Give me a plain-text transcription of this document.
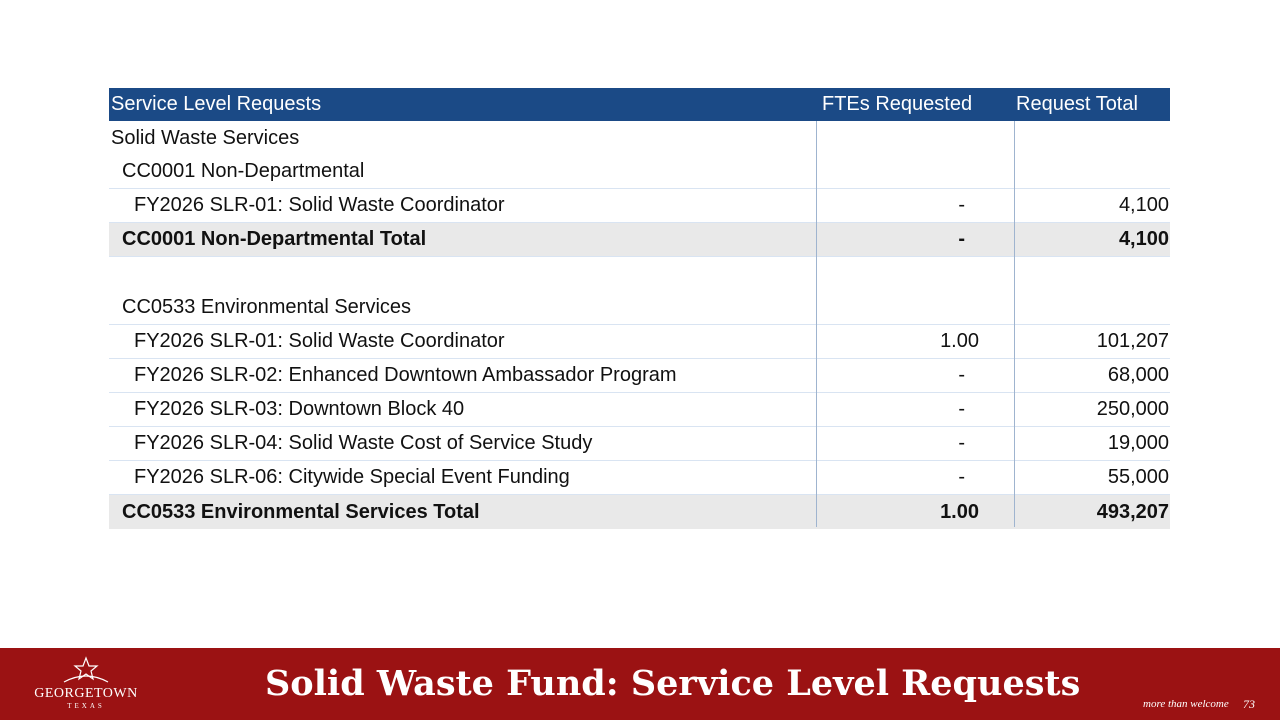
Service Level Requests	FTEs Requested	Request Total
Solid Waste Services
CC0001 Non-Departmental
FY2026 SLR-01: Solid Waste Coordinator	-	4,100
CC0001 Non-Departmental Total	-	4,100
CC0533 Environmental Services
FY2026 SLR-01: Solid Waste Coordinator	1.00	101,207
FY2026 SLR-02: Enhanced Downtown Ambassador Program	-	68,000
FY2026 SLR-03: Downtown Block 40	-	250,000
FY2026 SLR-04: Solid Waste Cost of Service Study	-	19,000
FY2026 SLR-06: Citywide Special Event Funding	-	55,000
CC0533 Environmental Services Total	1.00	493,207
GEORGETOWN
TEXAS
Solid Waste Fund: Service Level Requests	more than welcome 73
